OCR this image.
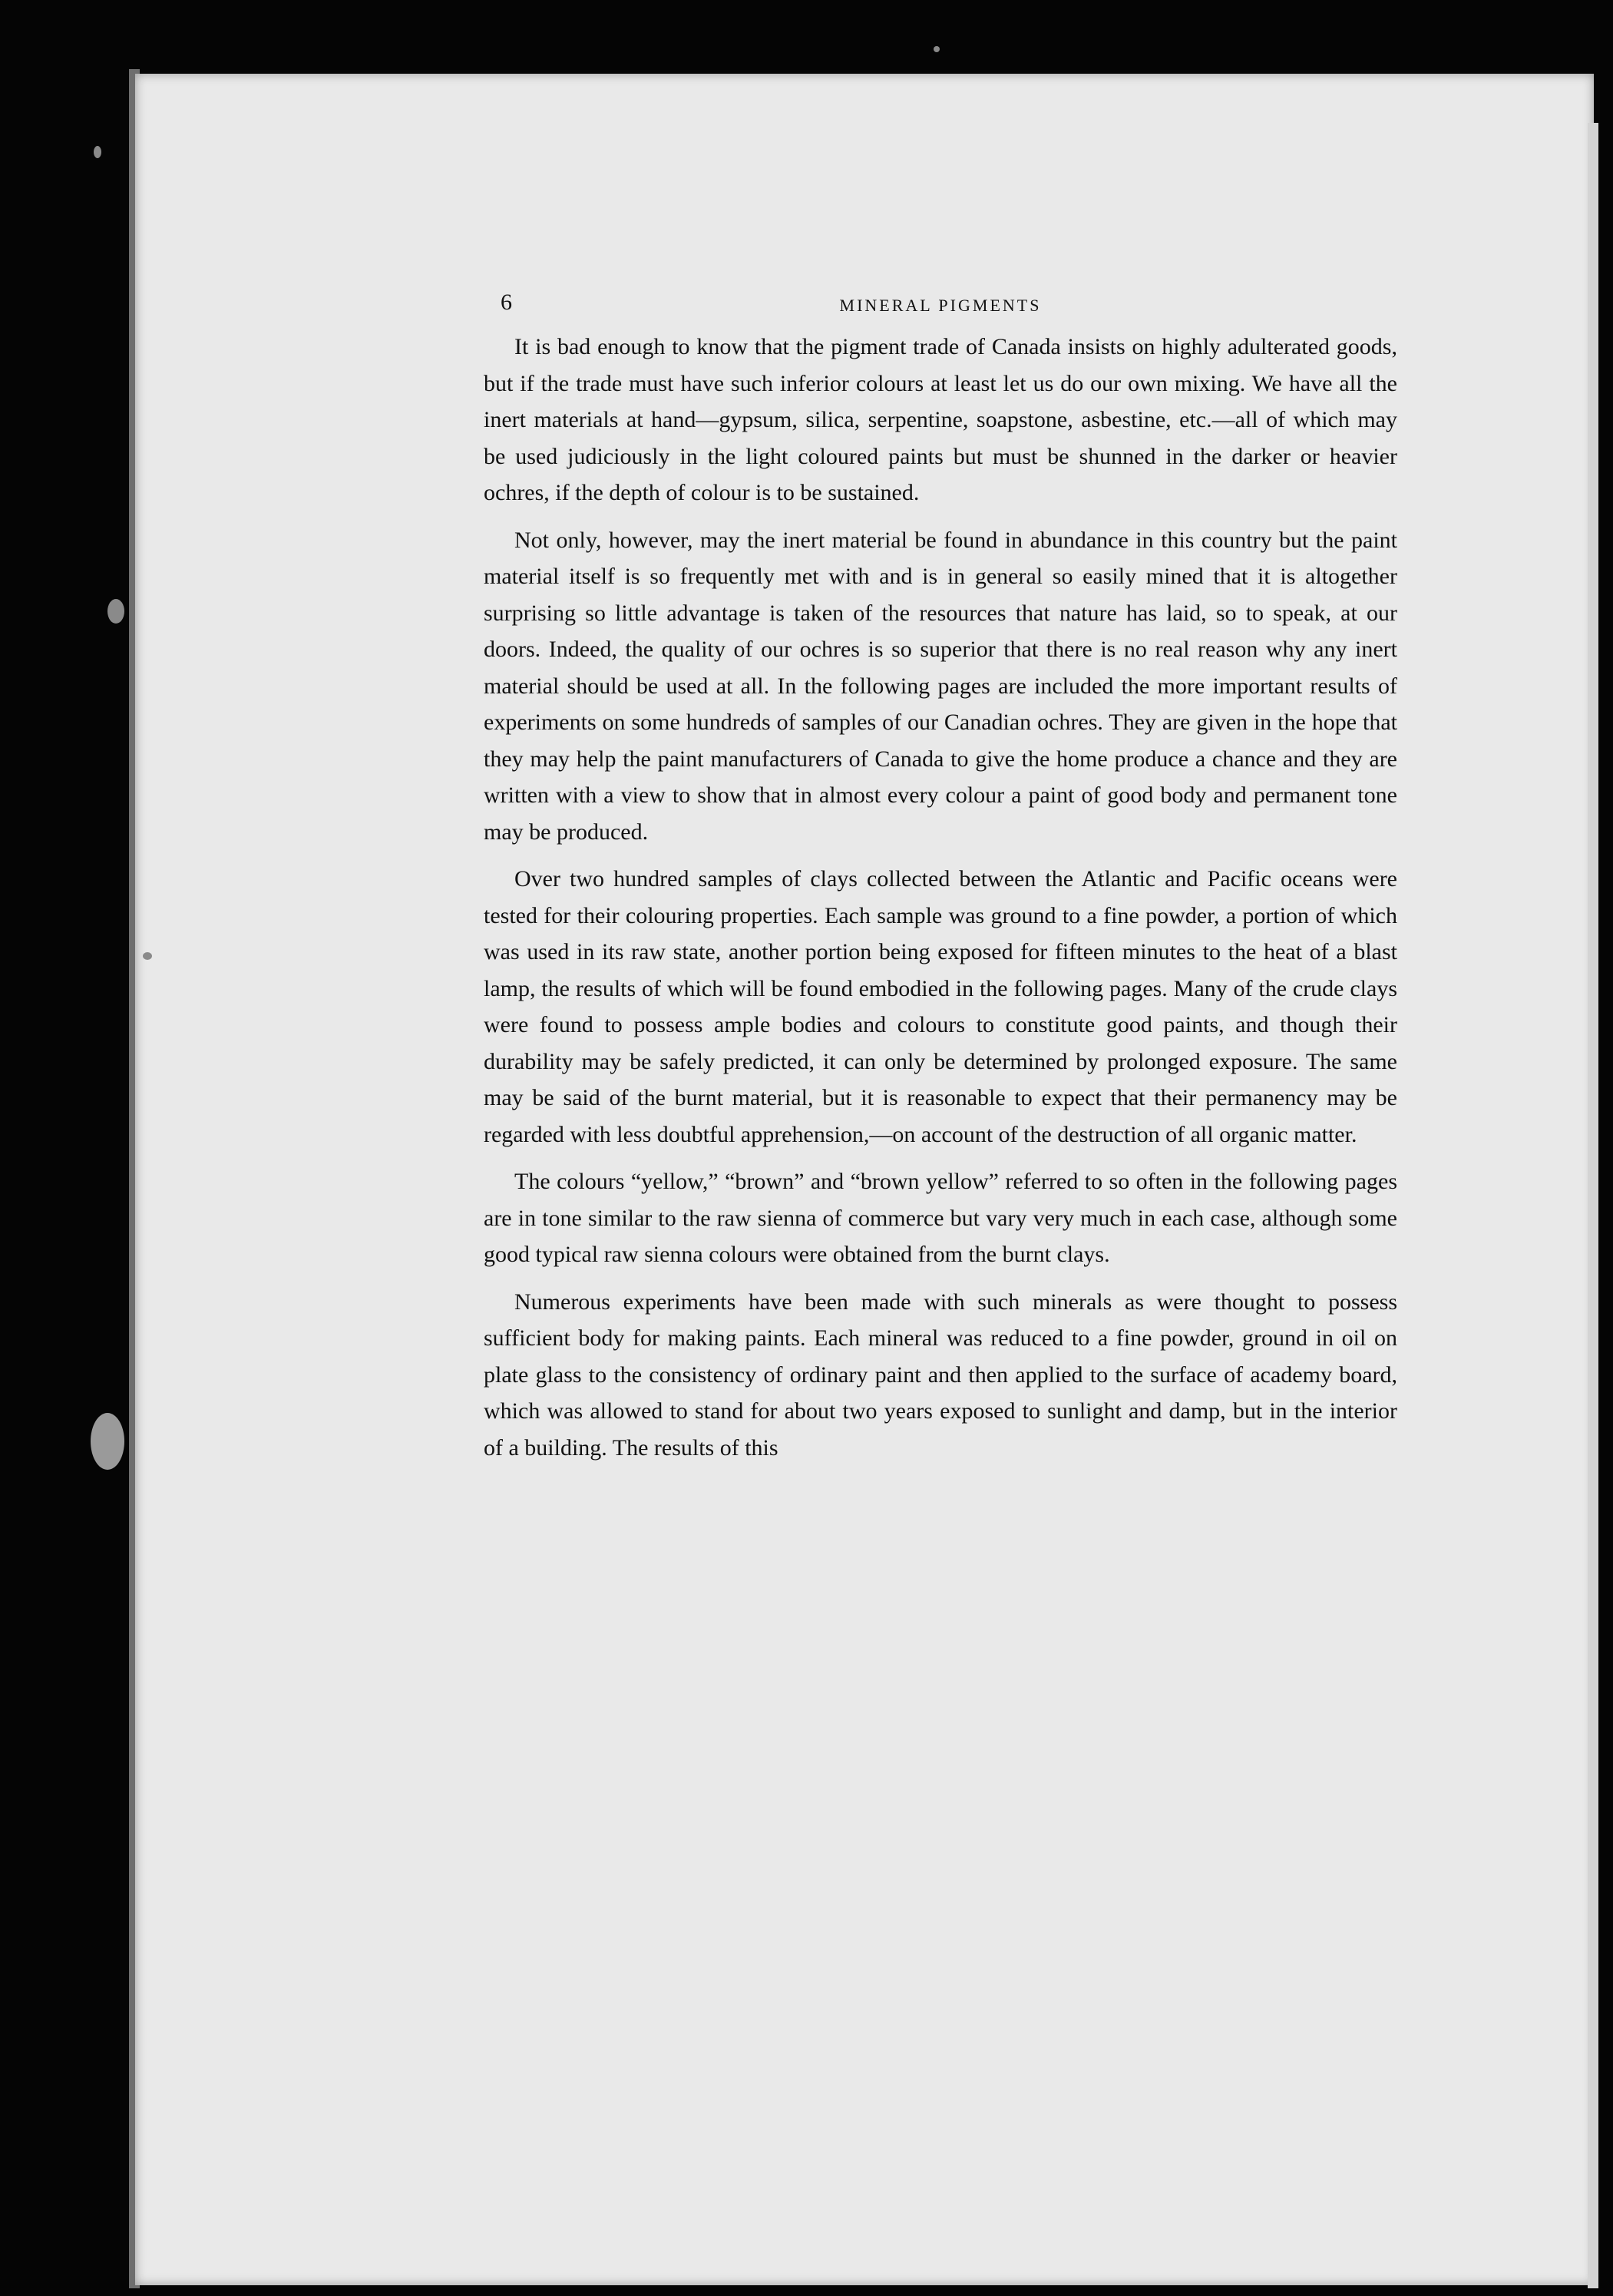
6	MINERAL PIGMENTS

It is bad enough to know that the pigment trade of Canada insists on highly adulterated goods, but if the trade must have such inferior colours at least let us do our own mixing. We have all the inert materials at hand—gypsum, silica, serpentine, soapstone, asbestine, etc.—all of which may be used judiciously in the light coloured paints but must be shunned in the darker or heavier ochres, if the depth of colour is to be sustained.

Not only, however, may the inert material be found in abundance in this country but the paint material itself is so frequently met with and is in general so easily mined that it is altogether surprising so little advantage is taken of the resources that nature has laid, so to speak, at our doors. Indeed, the quality of our ochres is so superior that there is no real reason why any inert material should be used at all. In the following pages are included the more important results of experiments on some hundreds of samples of our Canadian ochres. They are given in the hope that they may help the paint manufacturers of Canada to give the home produce a chance and they are written with a view to show that in almost every colour a paint of good body and permanent tone may be produced.

Over two hundred samples of clays collected between the Atlantic and Pacific oceans were tested for their colouring properties. Each sample was ground to a fine powder, a portion of which was used in its raw state, another portion being exposed for fifteen minutes to the heat of a blast lamp, the results of which will be found embodied in the following pages. Many of the crude clays were found to possess ample bodies and colours to constitute good paints, and though their durability may be safely predicted, it can only be determined by prolonged exposure. The same may be said of the burnt material, but it is reasonable to expect that their permanency may be regarded with less doubtful apprehension,—on account of the destruction of all organic matter.

The colours “yellow,” “brown” and “brown yellow” referred to so often in the following pages are in tone similar to the raw sienna of commerce but vary very much in each case, although some good typical raw sienna colours were obtained from the burnt clays.

Numerous experiments have been made with such minerals as were thought to possess sufficient body for making paints. Each mineral was reduced to a fine powder, ground in oil on plate glass to the consistency of ordinary paint and then applied to the surface of academy board, which was allowed to stand for about two years exposed to sunlight and damp, but in the interior of a building. The results of this
